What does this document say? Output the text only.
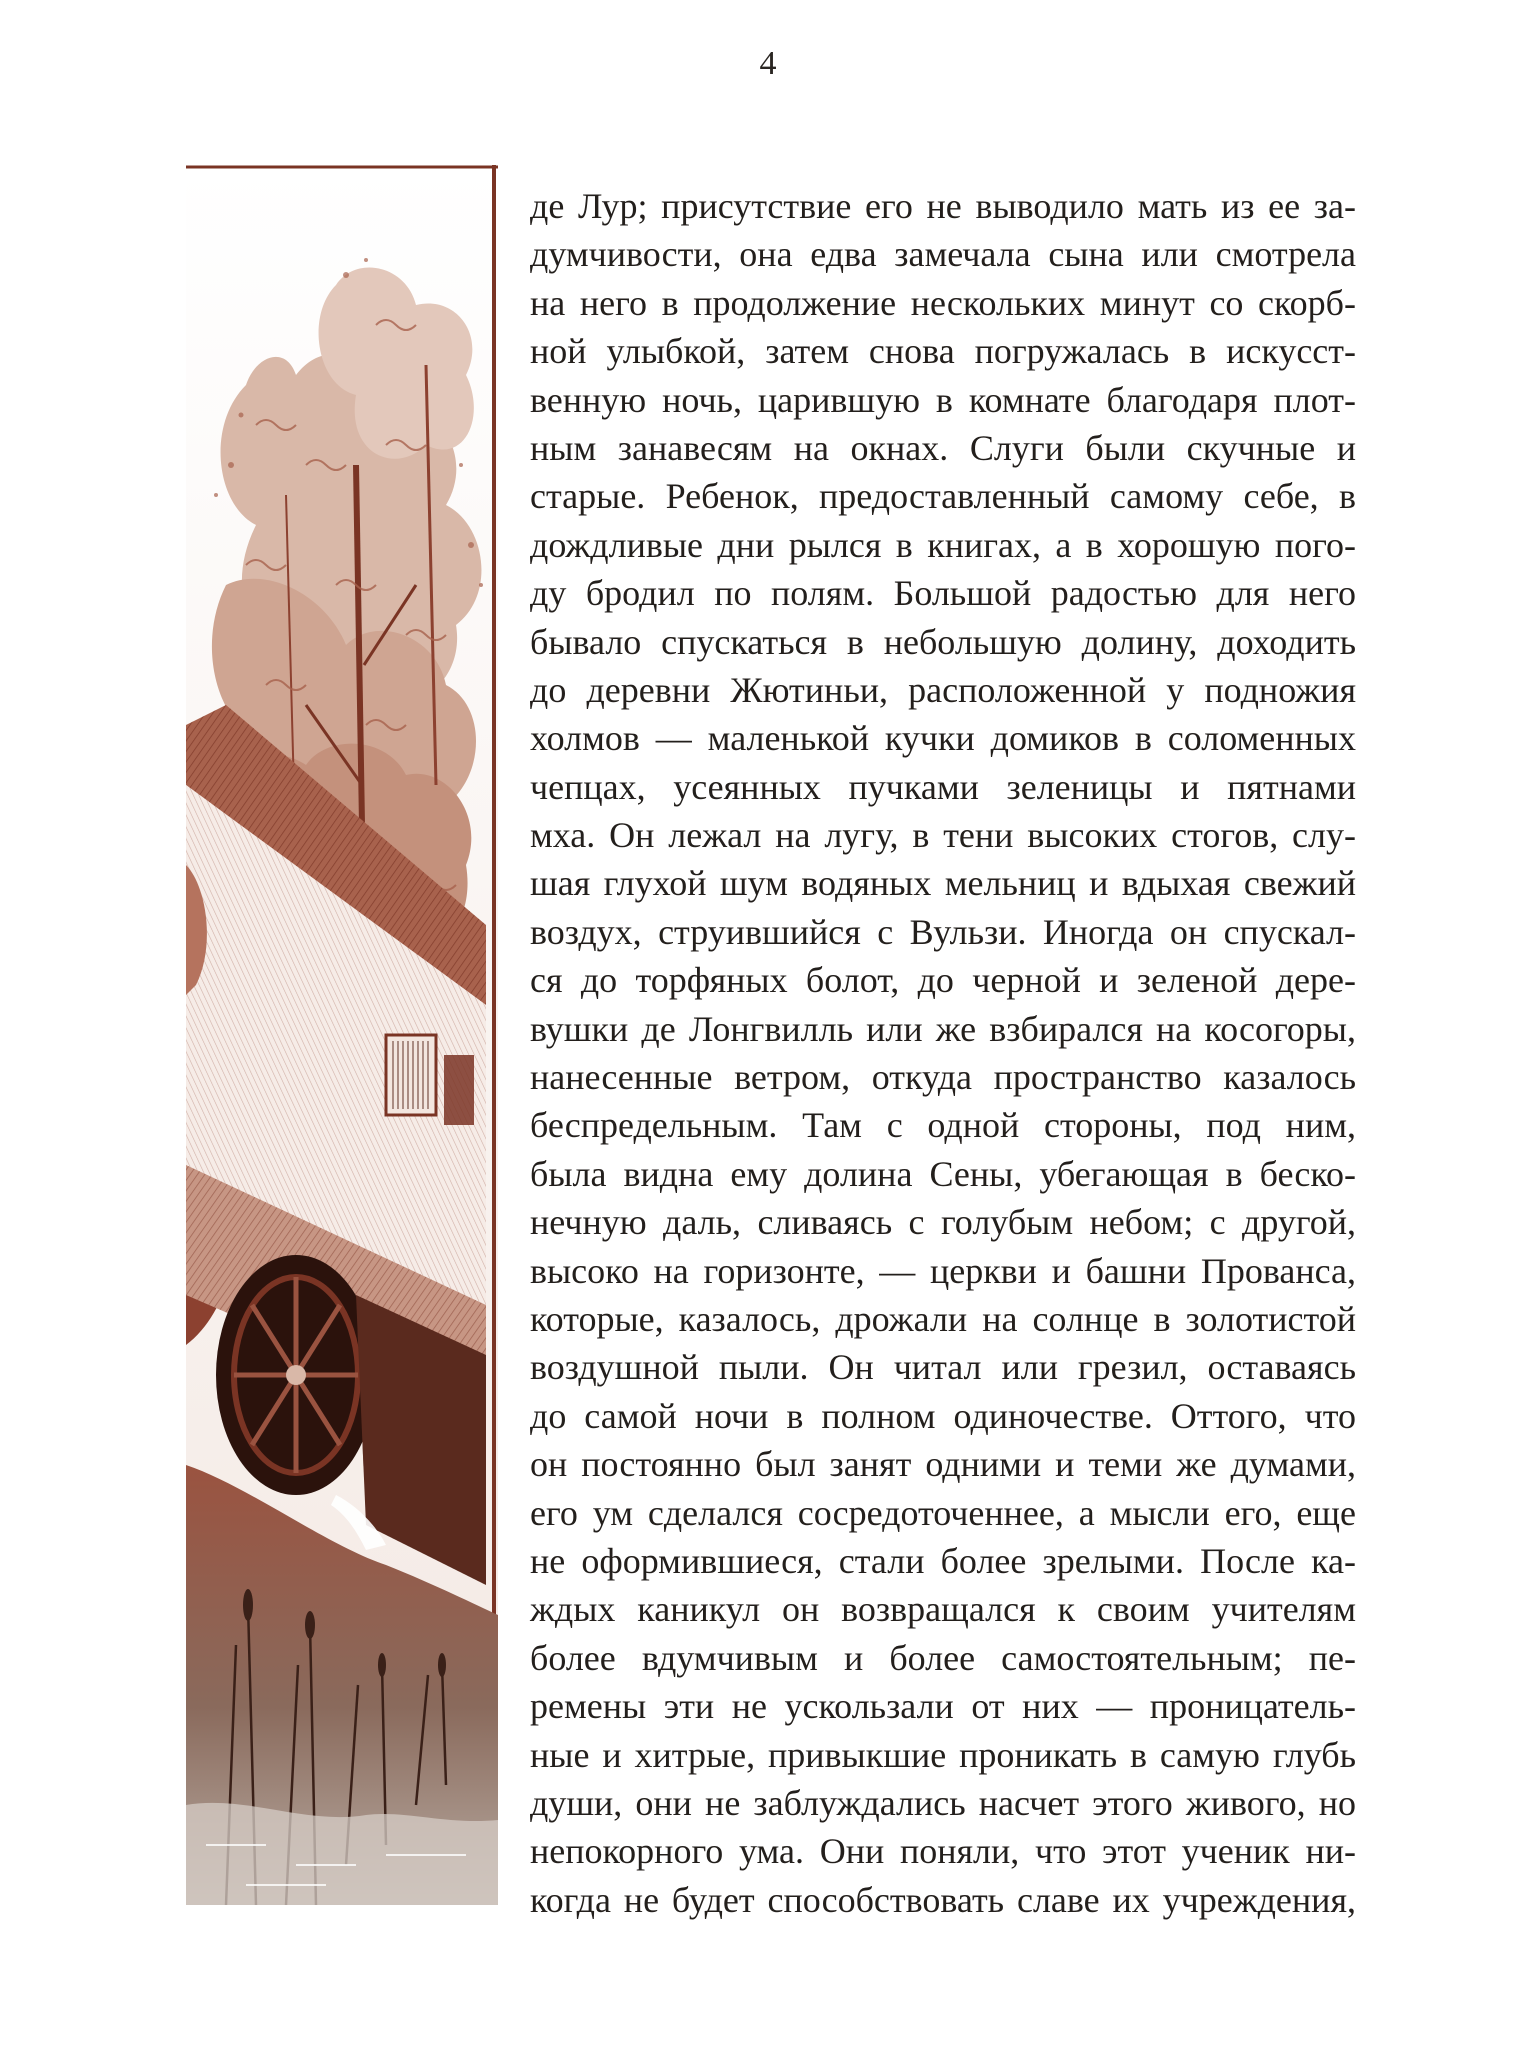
4
де Лур; присутствие его не выводило мать из ее за-
думчивости, она едва замечала сына или смотрела
на него в продолжение нескольких минут со скорб-
ной улыбкой, затем снова погружалась в искусст-
венную ночь, царившую в комнате благодаря плот-
ным занавесям на окнах. Слуги были скучные и
старые. Ребенок, предоставленный самому себе, в
дождливые дни рылся в книгах, а в хорошую пого-
ду бродил по полям. Большой радостью для него
бывало спускаться в небольшую долину, доходить
до деревни Жютиньи, расположенной у подножия
холмов — маленькой кучки домиков в соломенных
чепцах, усеянных пучками зеленицы и пятнами
мха. Он лежал на лугу, в тени высоких стогов, слу-
шая глухой шум водяных мельниц и вдыхая свежий
воздух, струившийся с Вульзи. Иногда он спускал-
ся до торфяных болот, до черной и зеленой дере-
вушки де Лонгвилль или же взбирался на косогоры,
нанесенные ветром, откуда пространство казалось
беспредельным. Там с одной стороны, под ним,
была видна ему долина Сены, убегающая в беско-
нечную даль, сливаясь с голубым небом; с другой,
высоко на горизонте, — церкви и башни Прованса,
которые, казалось, дрожали на солнце в золотистой
воздушной пыли. Он читал или грезил, оставаясь
до самой ночи в полном одиночестве. Оттого, что
он постоянно был занят одними и теми же думами,
его ум сделался сосредоточеннее, а мысли его, еще
не оформившиеся, стали более зрелыми. После ка-
ждых каникул он возвращался к своим учителям
более вдумчивым и более самостоятельным; пе-
ремены эти не ускользали от них — проницатель-
ные и хитрые, привыкшие проникать в самую глубь
души, они не заблуждались насчет этого живого, но
непокорного ума. Они поняли, что этот ученик ни-
когда не будет способствовать славе их учреждения,
